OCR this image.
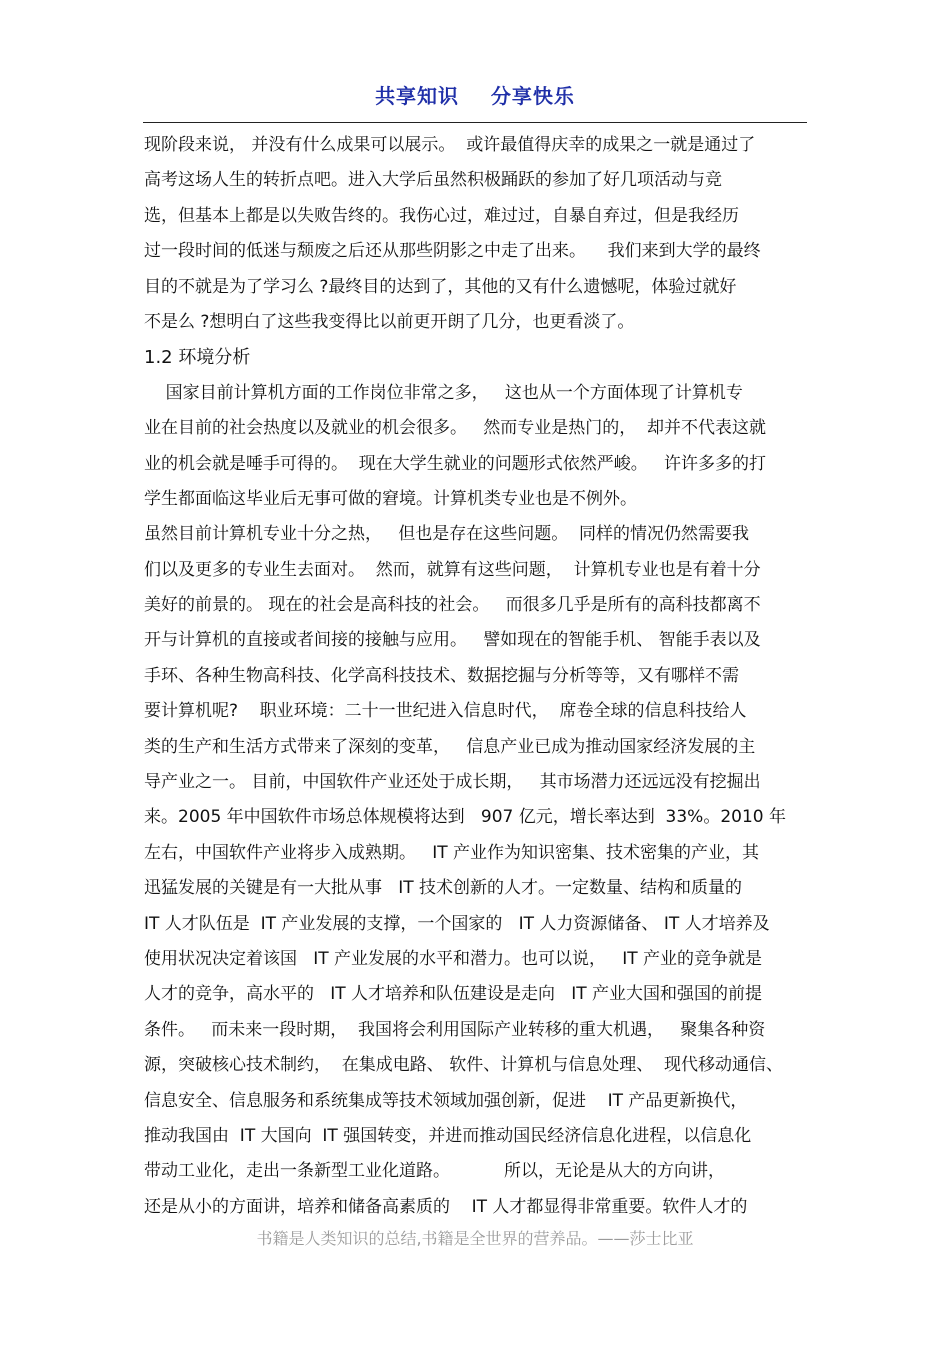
共享知识    分享快乐
现阶段来说， 并没有什么成果可以展示。  或许最值得庆幸的成果之一就是通过了
高考这场人生的转折点吧。进入大学后虽然积极踊跃的参加了好几项活动与竞
选，但基本上都是以失败告终的。我伤心过，难过过，自暴自弃过，但是我经历
过一段时间的低迷与颓废之后还从那些阴影之中走了出来。    我们来到大学的最终
目的不就是为了学习么 ?最终目的达到了，其他的又有什么遗憾呢，体验过就好
不是么 ?想明白了这些我变得比以前更开朗了几分，也更看淡了。
1.2 环境分析
国家目前计算机方面的工作岗位非常之多，   这也从一个方面体现了计算机专
业在目前的社会热度以及就业的机会很多。   然而专业是热门的，  却并不代表这就
业的机会就是唾手可得的。  现在大学生就业的问题形式依然严峻。   许许多多的打
学生都面临这毕业后无事可做的窘境。计算机类专业也是不例外。
虽然目前计算机专业十分之热，   但也是存在这些问题。  同样的情况仍然需要我
们以及更多的专业生去面对。  然而，就算有这些问题，  计算机专业也是有着十分
美好的前景的。 现在的社会是高科技的社会。   而很多几乎是所有的高科技都离不
开与计算机的直接或者间接的接触与应用。   譬如现在的智能手机、 智能手表以及
手环、各种生物高科技、化学高科技技术、数据挖掘与分析等等，又有哪样不需
要计算机呢?    职业环境：二十一世纪进入信息时代，  席卷全球的信息科技给人
类的生产和生活方式带来了深刻的变革，   信息产业已成为推动国家经济发展的主
导产业之一。 目前，中国软件产业还处于成长期，   其市场潜力还远远没有挖掘出
来。2005 年中国软件市场总体规模将达到   907 亿元，增长率达到  33%。2010 年
左右，中国软件产业将步入成熟期。   IT 产业作为知识密集、技术密集的产业，其
迅猛发展的关键是有一大批从事   IT 技术创新的人才。一定数量、结构和质量的
IT 人才队伍是  IT 产业发展的支撑，一个国家的   IT 人力资源储备、 IT 人才培养及
使用状况决定着该国   IT 产业发展的水平和潜力。也可以说，   IT 产业的竞争就是
人才的竞争，高水平的   IT 人才培养和队伍建设是走向   IT 产业大国和强国的前提
条件。   而未来一段时期，  我国将会利用国际产业转移的重大机遇，   聚集各种资
源，突破核心技术制约，  在集成电路、 软件、计算机与信息处理、  现代移动通信、
信息安全、信息服务和系统集成等技术领域加强创新，促进    IT 产品更新换代，
推动我国由  IT 大国向  IT 强国转变，并进而推动国民经济信息化进程，以信息化
带动工业化，走出一条新型工业化道路。          所以，无论是从大的方向讲，
还是从小的方面讲，培养和储备高素质的    IT 人才都显得非常重要。软件人才的
书籍是人类知识的总结,书籍是全世界的营养品。——莎士比亚
